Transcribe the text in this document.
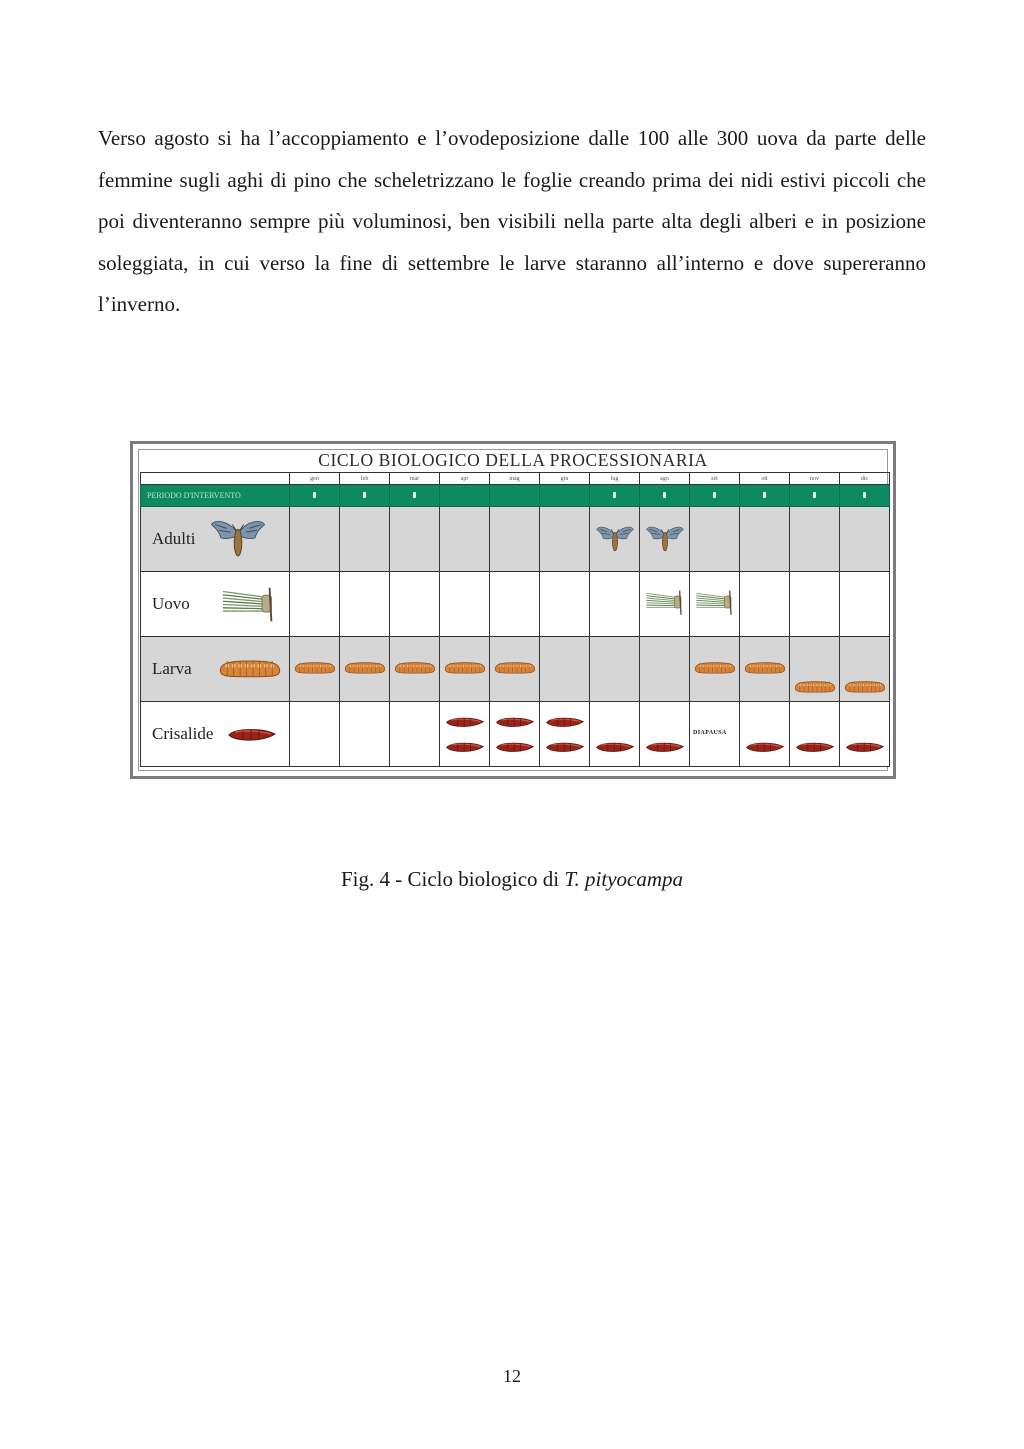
Verso agosto si ha l’accoppiamento e l’ovodeposizione dalle 100 alle 300 uova da parte delle femmine sugli aghi di pino che scheletrizzano le foglie creando prima dei nidi estivi piccoli che poi diventeranno sempre più voluminosi, ben visibili nella parte alta degli alberi e in posizione soleggiata, in cui verso la fine di settembre le larve staranno all’interno e dove supereranno l’inverno.

CICLO BIOLOGICO DELLA PROCESSIONARIA
	gen	feb	mar	apr	mag	giu	lug	ago	set	ott	nov	dic
PERIODO D'INTERVENTO	

Adulti

Uovo

Larva

Crisalide									DIAPAUSA

Fig. 4 - Ciclo biologico di T. pityocampa

12
